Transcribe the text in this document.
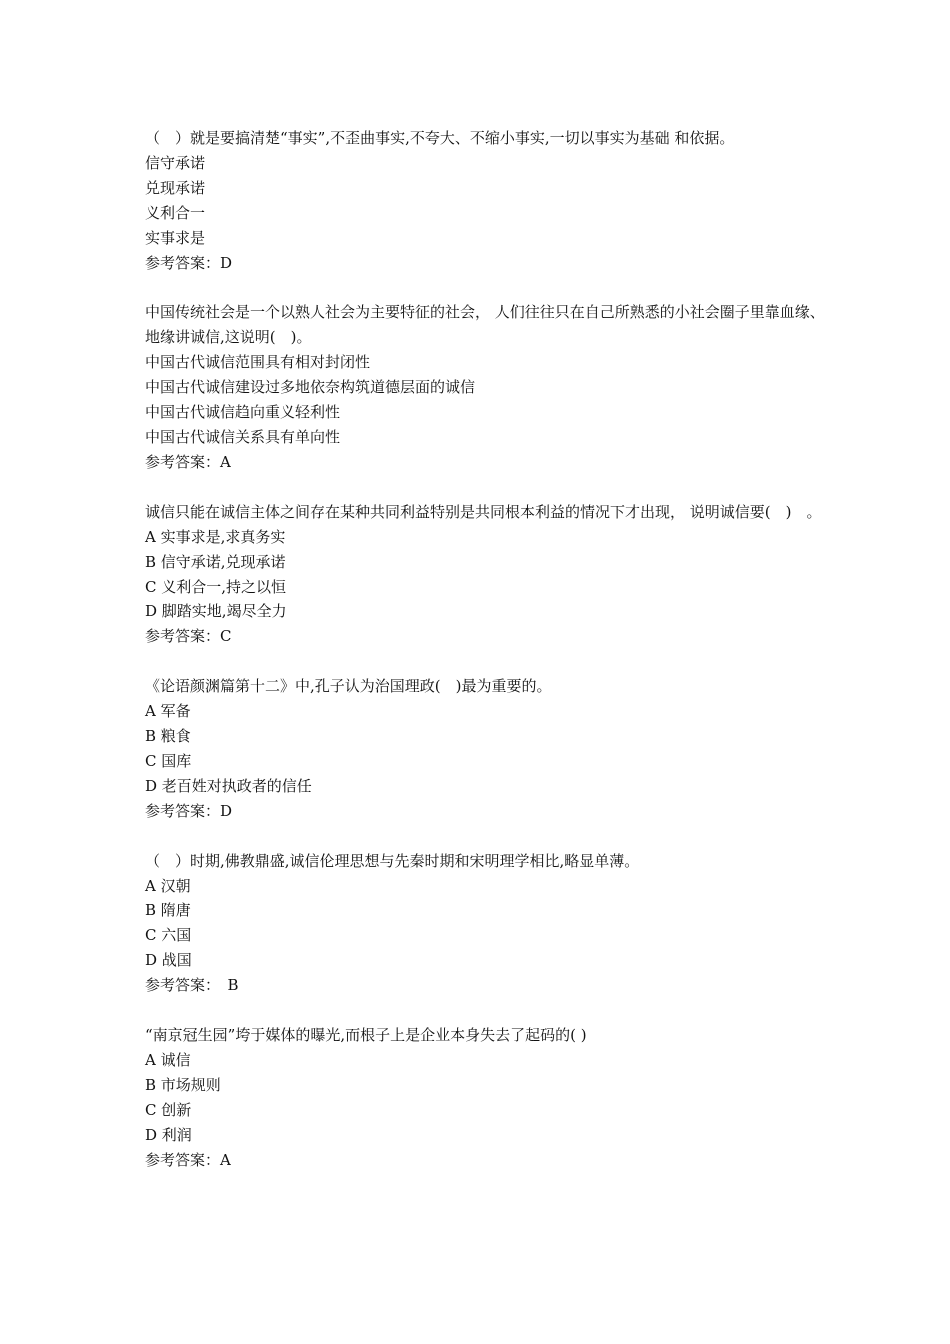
（　）就是要搞清楚“事实”,不歪曲事实,不夸大、不缩小事实,一切以事实为基础 和依据。
信守承诺
兑现承诺
义利合一
实事求是
参考答案：D
中国传统社会是一个以熟人社会为主要特征的社会， 人们往往只在自己所熟悉的小社会圈子里靠血缘、地缘讲诚信,这说明(　)。
中国古代诚信范围具有相对封闭性
中国古代诚信建设过多地依奈构筑道德层面的诚信
中国古代诚信趋向重义轻利性
中国古代诚信关系具有单向性
参考答案：A
诚信只能在诚信主体之间存在某种共同利益特别是共同根本利益的情况下才出现， 说明诚信要(　)　。
A 实事求是,求真务实
B 信守承诺,兑现承诺
C 义利合一,持之以恒
D 脚踏实地,竭尽全力
参考答案：C
《论语颜渊篇第十二》中,孔子认为治国理政(　)最为重要的。
A 军备
B 粮食
C 国库
D 老百姓对执政者的信任
参考答案：D
（　）时期,佛教鼎盛,诚信伦理思想与先秦时期和宋明理学相比,略显单薄。
A 汉朝
B 隋唐
C 六国
D 战国
参考答案：　B
“南京冠生园”垮于媒体的曝光,而根子上是企业本身失去了起码的( )
A 诚信
B 市场规则
C 创新
D 利润
参考答案：A
